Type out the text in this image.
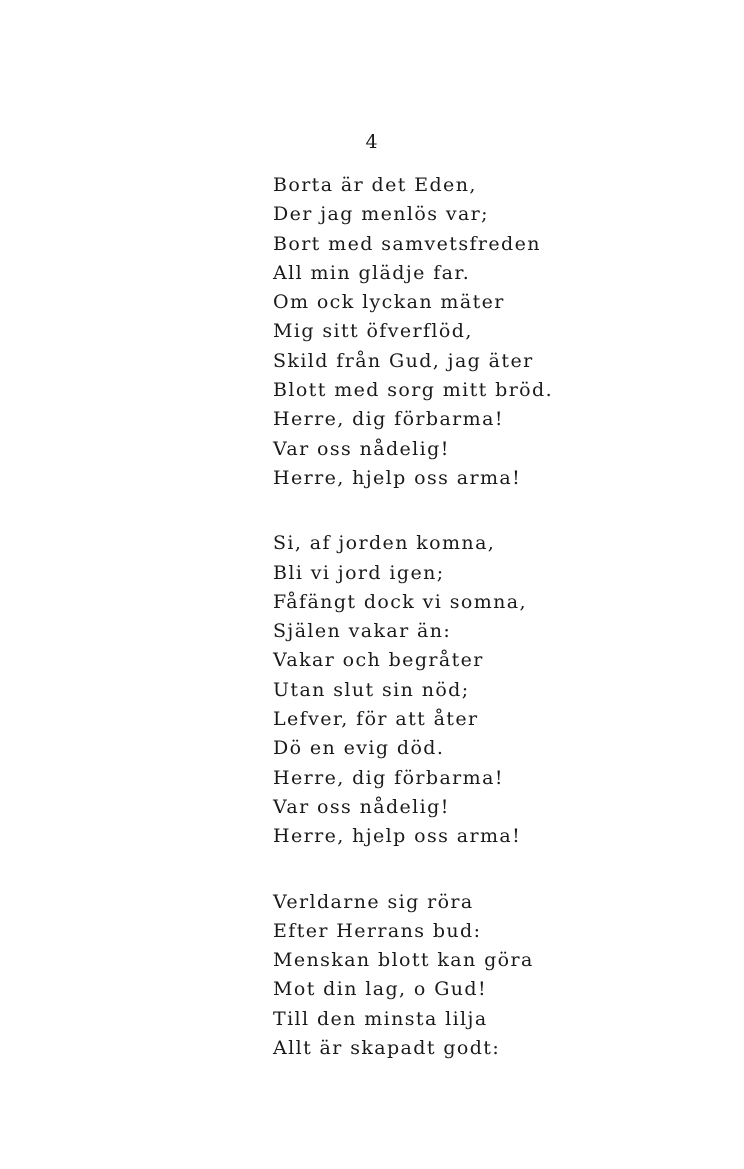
4
Borta är det Eden,
Der jag menlös var;
Bort med samvetsfreden
All min glädje far.
Om ock lyckan mäter
Mig sitt öfverflöd,
Skild från Gud, jag äter
Blott med sorg mitt bröd.
Herre, dig förbarma!
Var oss nådelig!
Herre, hjelp oss arma!
Si, af jorden komna,
Bli vi jord igen;
Fåfängt dock vi somna,
Själen vakar än:
Vakar och begråter
Utan slut sin nöd;
Lefver, för att åter
Dö en evig död.
Herre, dig förbarma!
Var oss nådelig!
Herre, hjelp oss arma!
Verldarne sig röra
Efter Herrans bud:
Menskan blott kan göra
Mot din lag, o Gud!
Till den minsta lilja
Allt är skapadt godt:
